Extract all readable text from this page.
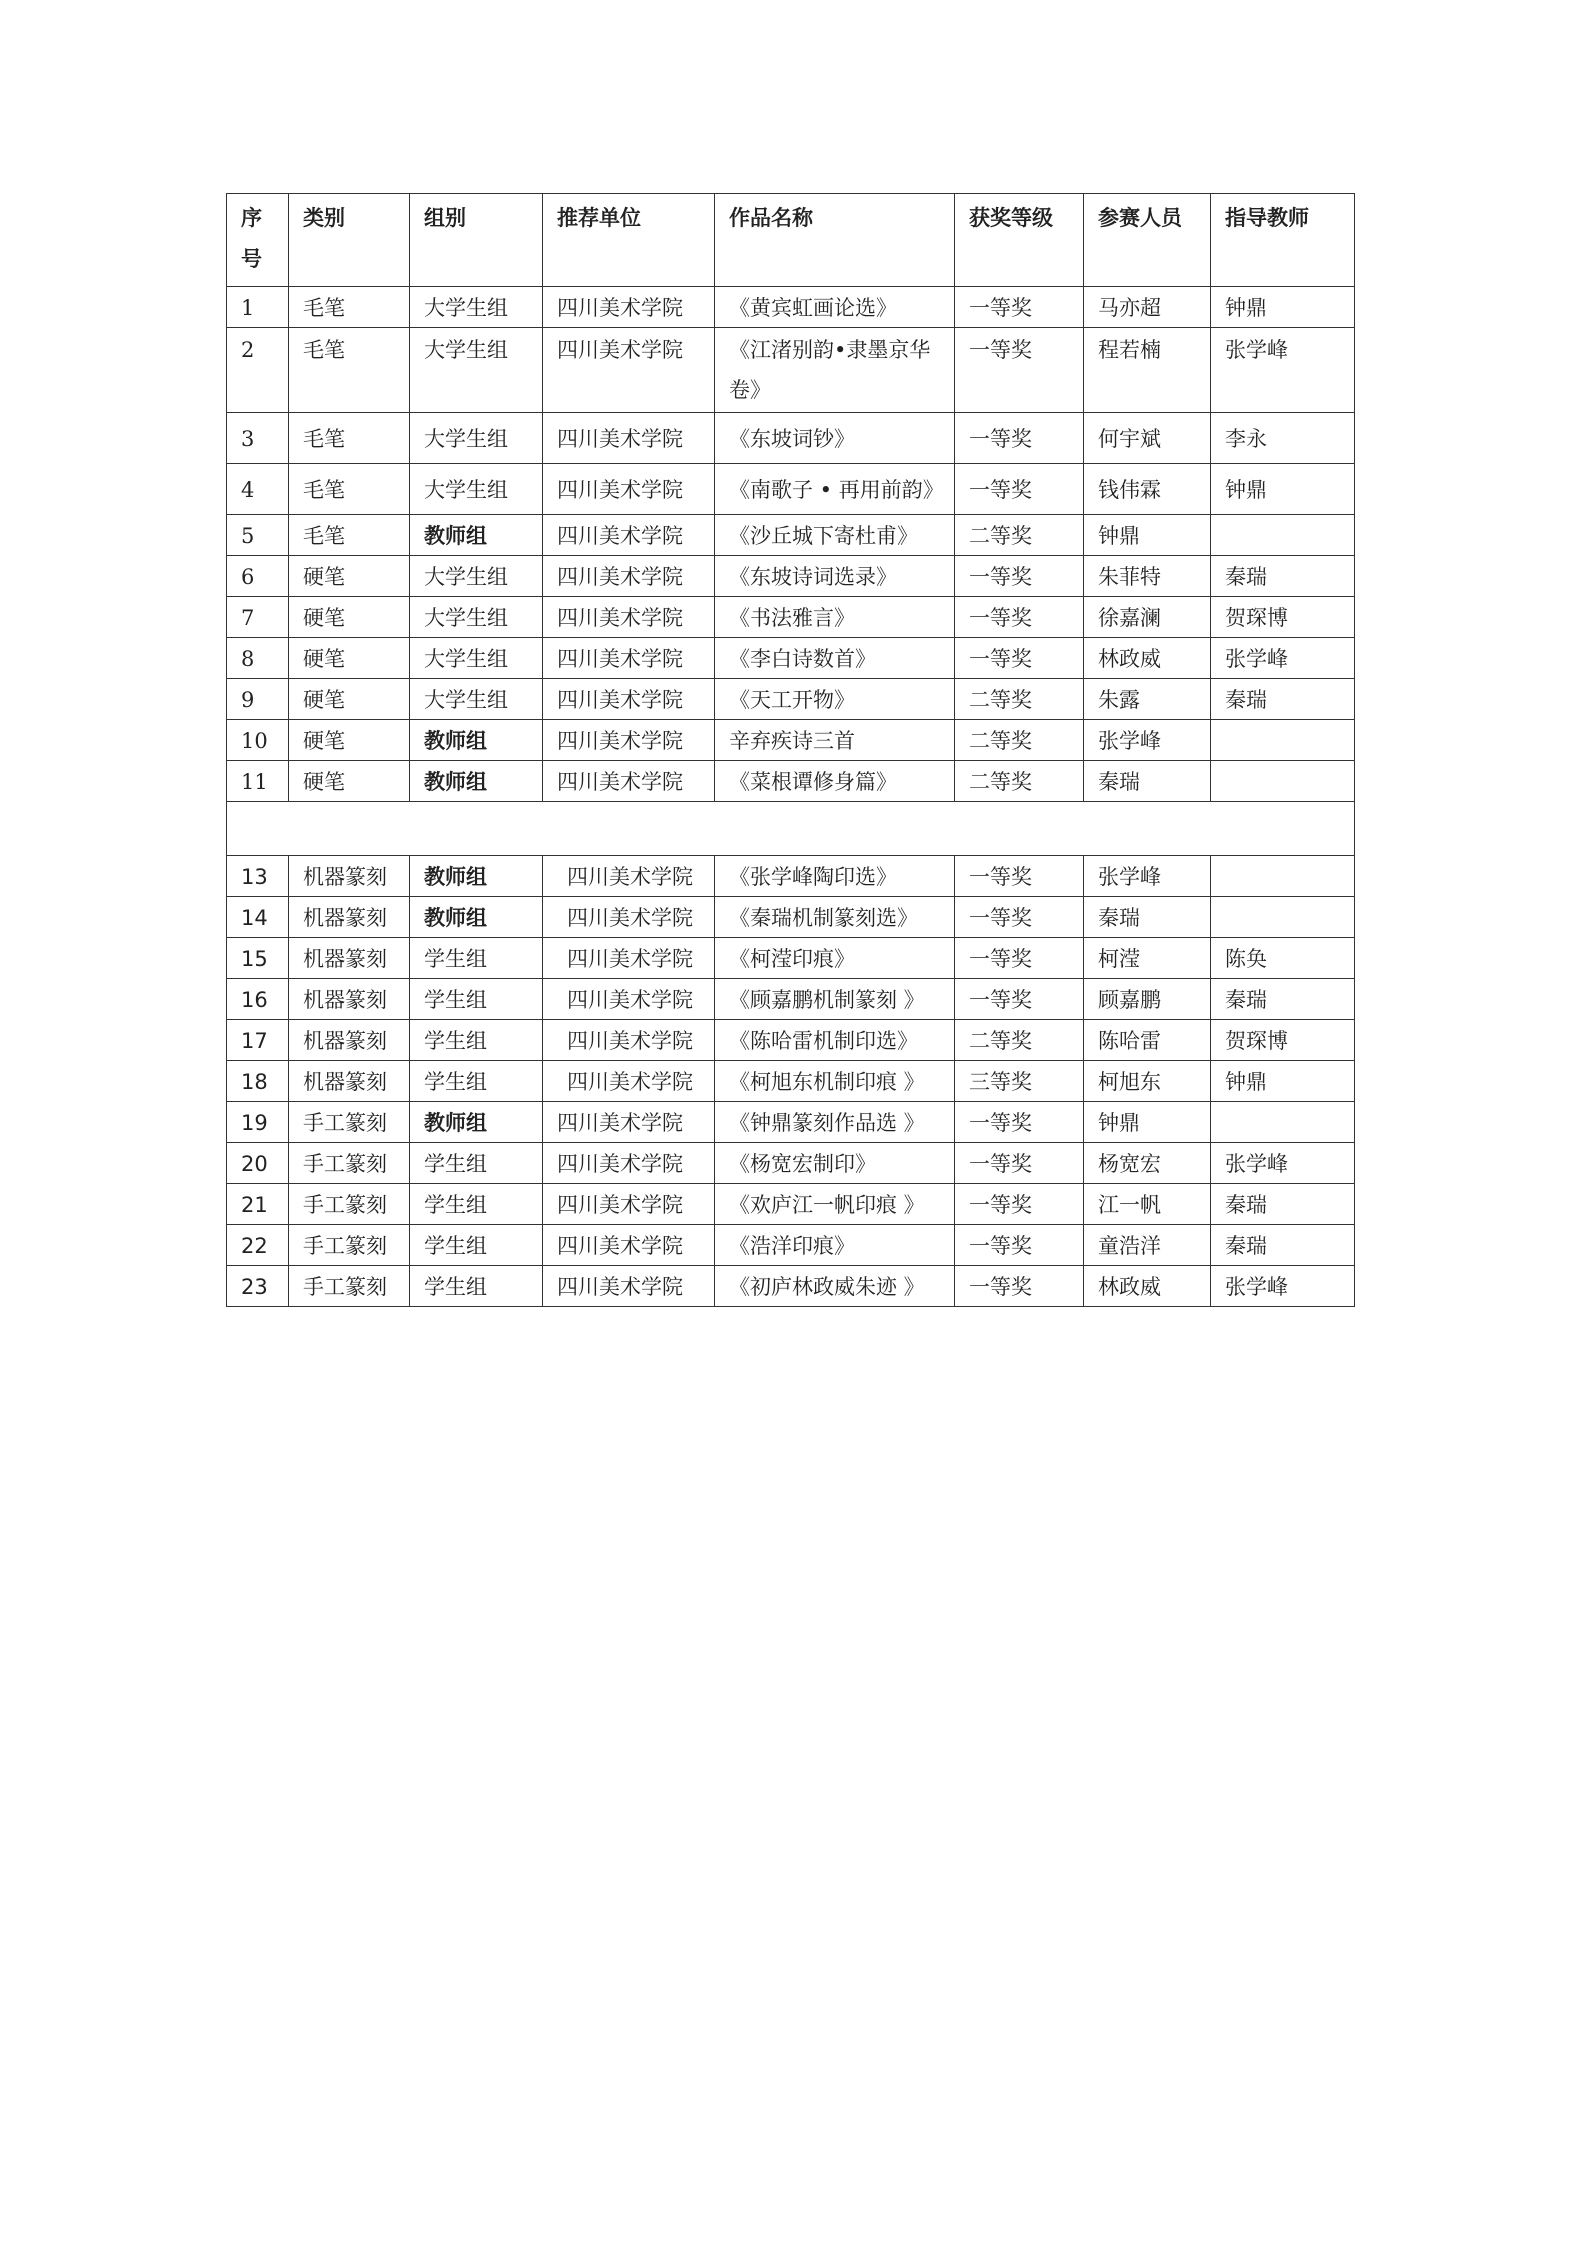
序号	类别	组别	推荐单位	作品名称	获奖等级	参赛人员	指导教师
1	毛笔	大学生组	四川美术学院	《黄宾虹画论选》	一等奖	马亦超	钟鼎
2	毛笔	大学生组	四川美术学院	《江渚别韵•隶墨京华卷》	一等奖	程若楠	张学峰
3	毛笔	大学生组	四川美术学院	《东坡词钞》	一等奖	何宇斌	李永
4	毛笔	大学生组	四川美术学院	《南歌子 • 再用前韵》	一等奖	钱伟霖	钟鼎
5	毛笔	教师组	四川美术学院	《沙丘城下寄杜甫》	二等奖	钟鼎	
6	硬笔	大学生组	四川美术学院	《东坡诗词选录》	一等奖	朱菲特	秦瑞
7	硬笔	大学生组	四川美术学院	《书法雅言》	一等奖	徐嘉澜	贺琛博
8	硬笔	大学生组	四川美术学院	《李白诗数首》	一等奖	林政威	张学峰
9	硬笔	大学生组	四川美术学院	《天工开物》	二等奖	朱露	秦瑞
10	硬笔	教师组	四川美术学院	辛弃疾诗三首	二等奖	张学峰	
11	硬笔	教师组	四川美术学院	《菜根谭修身篇》	二等奖	秦瑞	

13	机器篆刻	教师组	四川美术学院	《张学峰陶印选》	一等奖	张学峰	
14	机器篆刻	教师组	四川美术学院	《秦瑞机制篆刻选》	一等奖	秦瑞	
15	机器篆刻	学生组	四川美术学院	《柯滢印痕》	一等奖	柯滢	陈奂
16	机器篆刻	学生组	四川美术学院	《顾嘉鹏机制篆刻 》	一等奖	顾嘉鹏	秦瑞
17	机器篆刻	学生组	四川美术学院	《陈哈雷机制印选》	二等奖	陈哈雷	贺琛博
18	机器篆刻	学生组	四川美术学院	《柯旭东机制印痕 》	三等奖	柯旭东	钟鼎
19	手工篆刻	教师组	四川美术学院	《钟鼎篆刻作品选 》	一等奖	钟鼎	
20	手工篆刻	学生组	四川美术学院	《杨宽宏制印》	一等奖	杨宽宏	张学峰
21	手工篆刻	学生组	四川美术学院	《欢庐江一帆印痕 》	一等奖	江一帆	秦瑞
22	手工篆刻	学生组	四川美术学院	《浩洋印痕》	一等奖	童浩洋	秦瑞
23	手工篆刻	学生组	四川美术学院	《初庐林政威朱迹 》	一等奖	林政威	张学峰
